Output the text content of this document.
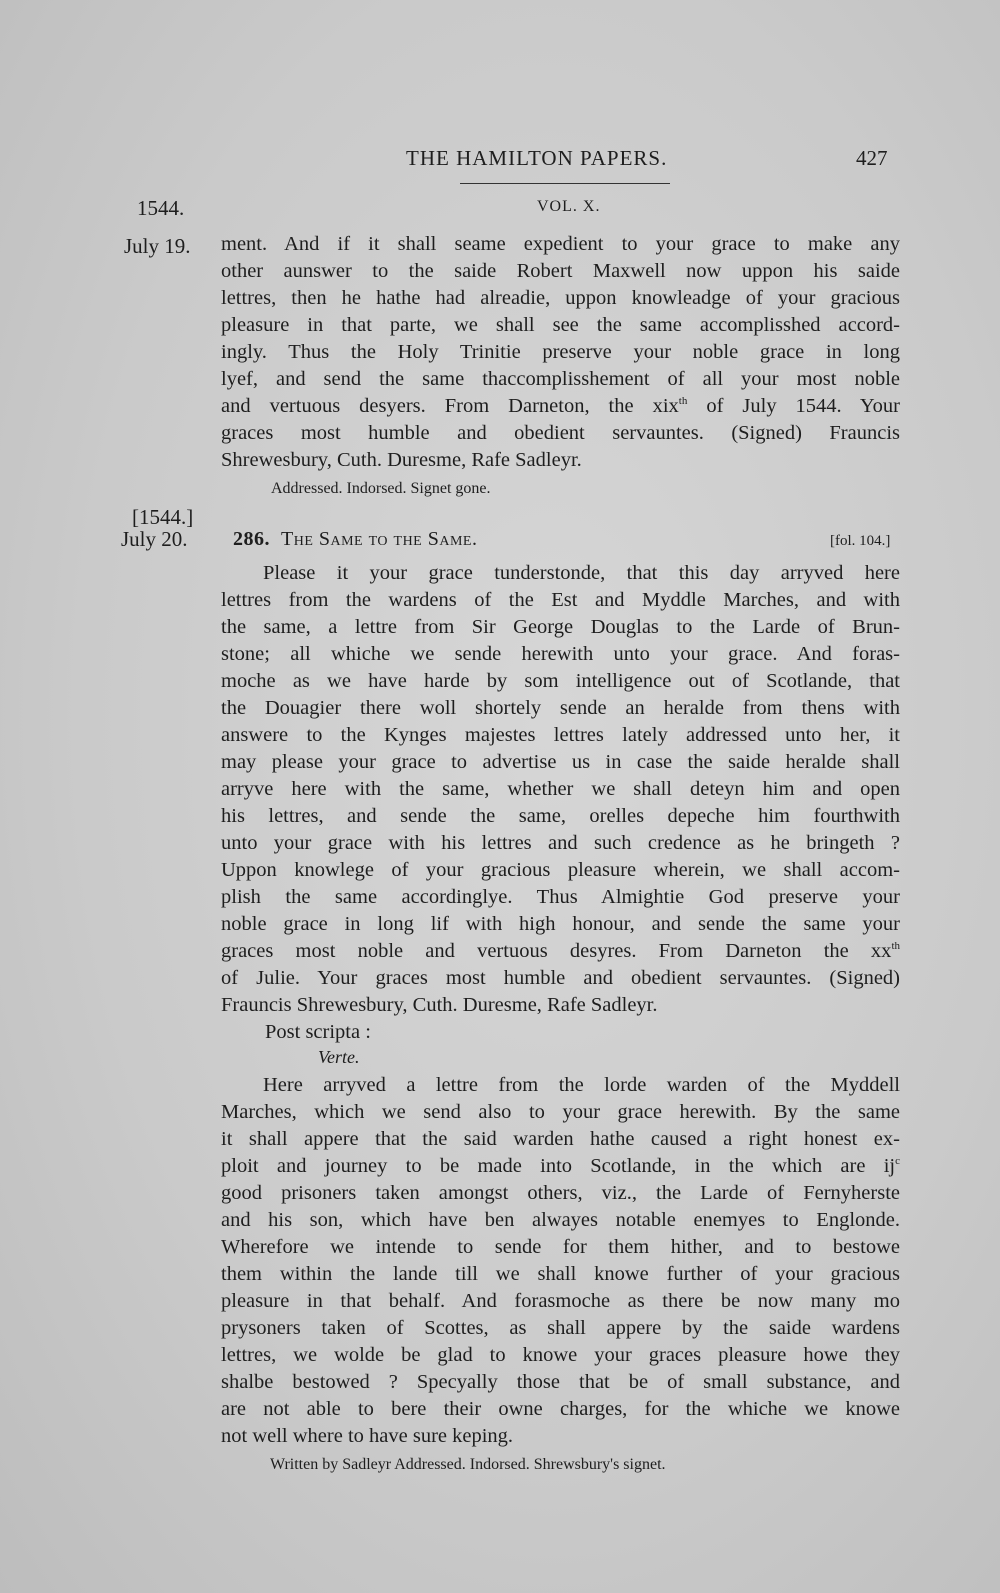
THE HAMILTON PAPERS.	427
1544.	VOL. X.
July 19. ment. And if it shall seame expedient to your grace to make any
other aunswer to the saide Robert Maxwell now uppon his saide
lettres, then he hathe had alreadie, uppon knowleadge of your gracious
pleasure in that parte, we shall see the same accomplisshed accord-
ingly. Thus the Holy Trinitie preserve your noble grace in long
lyef, and send the same thaccomplisshement of all your most noble
and vertuous desyers. From Darneton, the xix$^{th}$ of July 1544. Your
graces most humble and obedient servauntes. (Signed) Frauncis
Shrewesbury, Cuth. Duresme, Rafe Sadleyr.
Addressed. Indorsed. Signet gone.
[1544.]
July 20. 286. The Same to the Same.	[fol. 104.]
Please it your grace tunderstonde, that this day arryved here
lettres from the wardens of the Est and Myddle Marches, and with
the same, a lettre from Sir George Douglas to the Larde of Brun-
stone; all whiche we sende herewith unto your grace. And foras-
moche as we have harde by som intelligence out of Scotlande, that
the Douagier there woll shortely sende an heralde from thens with
answere to the Kynges majestes lettres lately addressed unto her, it
may please your grace to advertise us in case the saide heralde shall
arryve here with the same, whether we shall deteyn him and open
his lettres, and sende the same, orelles depeche him fourthwith
unto your grace with his lettres and such credence as he bringeth ?
Uppon knowlege of your gracious pleasure wherein, we shall accom-
plish the same accordinglye. Thus Almightie God preserve your
noble grace in long lif with high honour, and sende the same your
graces most noble and vertuous desyres. From Darneton the $xx^{th}$
of Julie. Your graces most humble and obedient servauntes. (Signed)
Frauncis Shrewesbury, Cuth. Duresme, Rafe Sadleyr.
Post scripta :
Verte.
Here arryved a lettre from the lorde warden of the Myddell
Marches, which we send also to your grace herewith. By the same
it shall appere that the said warden hathe caused a right honest ex-
ploit and journey to be made into Scotlande, in the which are $ij^c$
good prisoners taken amongst others, viz., the Larde of Fernyherste
and his son, which have ben alwayes notable enemyes to Englonde.
Wherefore we intende to sende for them hither, and to bestowe
them within the lande till we shall knowe further of your gracious
pleasure in that behalf. And forasmoche as there be now many mo
prysoners taken of Scottes, as shall appere by the saide wardens
lettres, we wolde be glad to knowe your graces pleasure howe they
shalbe bestowed ? Specyally those that be of small substance, and
are not able to bere their owne charges, for the whiche we knowe
not well where to have sure keping.
Written by Sadleyr Addressed. Indorsed. Shrewsbury's signet.
